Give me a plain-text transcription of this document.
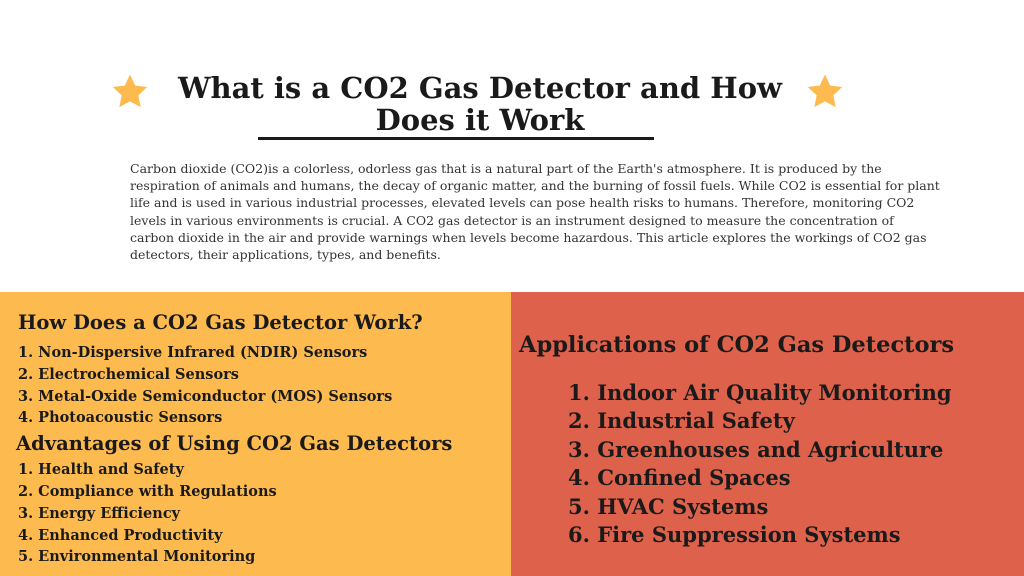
What is a CO2 Gas Detector and How Does it Work

Carbon dioxide (CO2)is a colorless, odorless gas that is a natural part of the Earth's atmosphere. It is produced by the respiration of animals and humans, the decay of organic matter, and the burning of fossil fuels. While CO2 is essential for plant life and is used in various industrial processes, elevated levels can pose health risks to humans. Therefore, monitoring CO2 levels in various environments is crucial. A CO2 gas detector is an instrument designed to measure the concentration of carbon dioxide in the air and provide warnings when levels become hazardous. This article explores the workings of CO2 gas detectors, their applications, types, and benefits.

How Does a CO2 Gas Detector Work?
1. Non-Dispersive Infrared (NDIR) Sensors
2. Electrochemical Sensors
3. Metal-Oxide Semiconductor (MOS) Sensors
4. Photoacoustic Sensors
Advantages of Using CO2 Gas Detectors
1. Health and Safety
2. Compliance with Regulations
3. Energy Efficiency
4. Enhanced Productivity
5. Environmental Monitoring
Applications of CO2 Gas Detectors
1. Indoor Air Quality Monitoring
2. Industrial Safety
3. Greenhouses and Agriculture
4. Confined Spaces
5. HVAC Systems
6. Fire Suppression Systems
